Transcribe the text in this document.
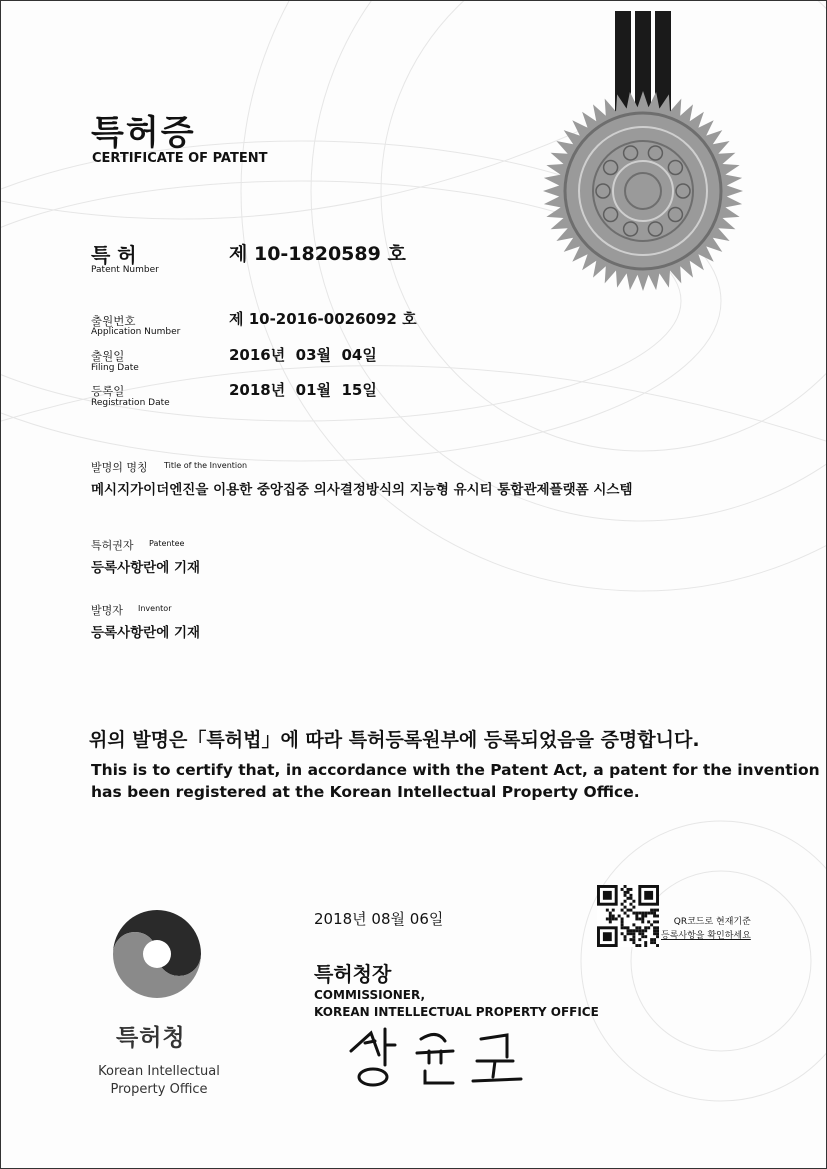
특허증
CERTIFICATE OF PATENT
특 허
Patent Number
제 10-1820589 호
출원번호
Application Number
제 10-2016-0026092 호
출원일
Filing Date
2016년  03월  04일
등록일
Registration Date
2018년  01월  15일
발명의 명칭 Title of the Invention
메시지가이더엔진을 이용한 중앙집중 의사결정방식의 지능형 유시티 통합관제플랫폼 시스템
특허권자 Patentee
등록사항란에 기재
발명자 Inventor
등록사항란에 기재
위의 발명은「특허법」에 따라 특허등록원부에 등록되었음을 증명합니다.
This is to certify that, in accordance with the Patent Act, a patent for the invention
has been registered at the Korean Intellectual Property Office.
QR코드로 현재기준
등록사항을 확인하세요
2018년 08월 06일
특허청장
COMMISSIONER,
KOREAN INTELLECTUAL PROPERTY OFFICE
특허청
Korean Intellectual
Property Office
